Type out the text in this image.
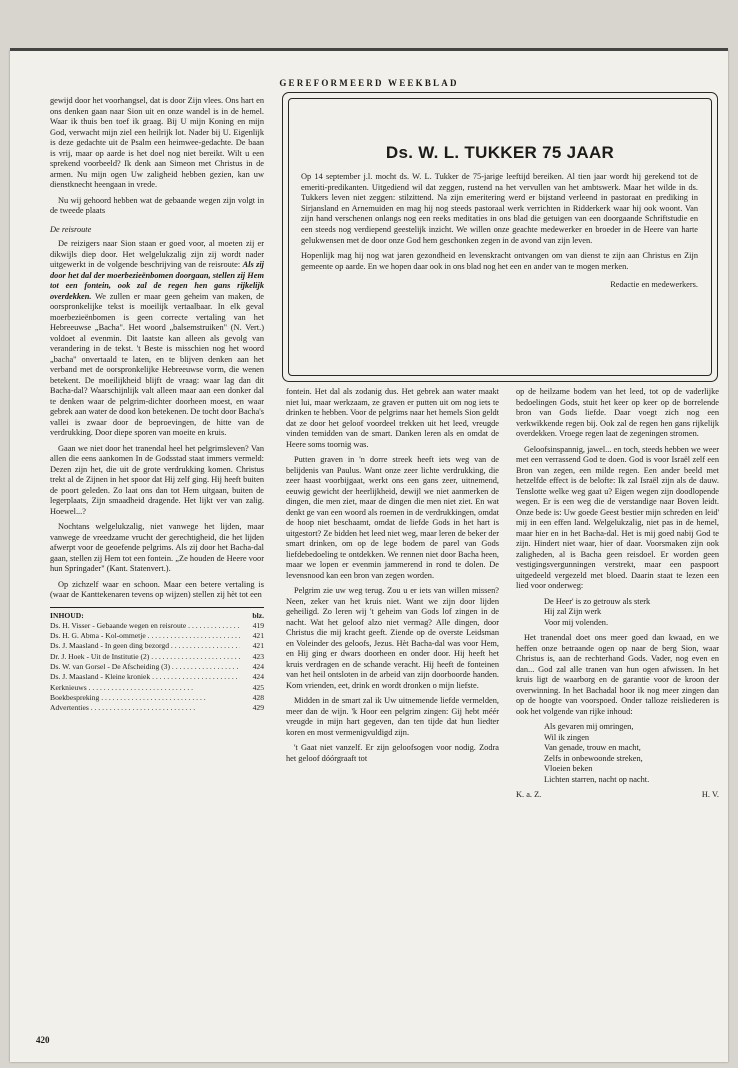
GEREFORMEERD WEEKBLAD

gewijd door het voorhangsel, dat is door Zijn vlees. Ons hart en ons denken gaan naar Sion uit en onze wandel is in de hemel. Waar ik thuis ben toef ik graag. Bij U mijn Koning en mijn God, verwacht mijn ziel een heilrijk lot. Nader bij U. Eigenlijk is deze gedachte uit de Psalm een heimwee-gedachte. De baan is vrij, maar op aarde is het doel nog niet bereikt. Wilt u een sprekend voorbeeld? Ik denk aan Simeon met Christus in de armen. Nu mijn ogen Uw zaligheid hebben gezien, kan uw dienstknecht heengaan in vrede.

Nu wij gehoord hebben wat de gebaande wegen zijn volgt in de tweede plaats

De reisroute

De reizigers naar Sion staan er goed voor, al moeten zij er dikwijls diep door. Het welgelukzalig zijn zij wordt nader uitgewerkt in de volgende beschrijving van de reisroute: Als zij door het dal der moerbezieënbomen doorgaan, stellen zij Hem tot een fontein, ook zal de regen hen gans rijkelijk overdekken. We zullen er maar geen geheim van maken, de oorspronkelijke tekst is moeilijk vertaalbaar. In elk geval moerbezieënbomen is geen correcte vertaling van het Hebreeuwse „Bacha". Het woord „balsemstruiken" (N. Vert.) voldoet al evenmin. Dit laatste kan alleen als gevolg van verandering in de tekst. 't Beste is misschien nog het woord „bacha" onvertaald te laten, en te blijven denken aan het verband met de oorspronkelijke Hebreeuwse vorm, die wenen betekent. De moeilijkheid blijft de vraag: waar lag dan dit Bacha-dal? Waarschijnlijk valt alleen maar aan een donker dal te denken waar de pelgrim-dichter doorheen moest, en waar gebrek aan water de dood kon betekenen. De tocht door Bacha's vallei is zwaar door de beproevingen, de hitte van de verdrukking. Door diepe sporen van moeite en kruis.

Gaan we niet door het tranendal heel het pelgrimsleven? Van allen die eens aankomen In de Godsstad staat immers vermeld: Dezen zijn het, die uit de grote verdrukking komen. Christus trekt al de Zijnen in het spoor dat Hij zelf ging. Hij heeft buiten de poort geleden. Zo laat ons dan tot Hem uitgaan, buiten de legerplaats, Zijn smaadheid dragende. Het lijkt ver van zalig. Hoewel...?

Nochtans welgelukzalig, niet vanwege het lijden, maar vanwege de vreedzame vrucht der gerechtigheid, die het lijden afwerpt voor de geoefende pelgrims. Als zij door het Bacha-dal gaan, stellen zij Hem tot een fontein. „Ze houden de Heere voor hun Springader" (Kant. Statenvert.).

Op zichzelf waar en schoon. Maar een betere vertaling is (waar de Kanttekenaren tevens op wijzen) stellen zij hèt tot een

INHOUD:	blz.
Ds. H. Visser - Gebaande wegen en reisroute . . .	419
Ds. H. G. Abma - Kol-ommetje . . .	421
Ds. J. Maasland - In geen ding bezorgd . . .	421
Dr. J. Hoek - Uit de Institutie (2) . . .	423
Ds. W. van Gorsel - De Afscheiding (3) . . .	424
Ds. J. Maasland - Kleine kroniek . . .	424
Kerknieuws . . .	425
Boekbespreking . . .	428
Advertenties . . .	429
Ds. W. L. TUKKER 75 JAAR

Op 14 september j.l. mocht ds. W. L. Tukker de 75-jarige leeftijd bereiken. Al tien jaar wordt hij gerekend tot de emeriti-predikanten. Uitgediend wil dat zeggen, rustend na het vervullen van het ambtswerk. Maar het wilde in ds. Tukkers leven niet zeggen: stilzittend. Na zijn emeritering werd er bijstand verleend in pastoraat en prediking in Sirjansland en Arnemuiden en mag hij nog steeds pastoraal werk verrichten in Ridderkerk waar hij ook woont. Van zijn hand verschenen onlangs nog een reeks meditaties in ons blad die getuigen van een doorgaande Schriftstudie en een steeds nog verdiepend geestelijk inzicht. We willen onze geachte medewerker en broeder in de Heere van harte gelukwensen met de door onze God hem geschonken zegen in de avond van zijn leven.

Hopenlijk mag hij nog wat jaren gezondheid en levenskracht ontvangen om van dienst te zijn aan Christus en Zijn gemeente op aarde. En we hopen daar ook in ons blad nog het een en ander van te mogen merken.

Redactie en medewerkers.

fontein. Het dal als zodanig dus. Het gebrek aan water maakt niet lui, maar werkzaam, ze graven er putten uit om nog iets te drinken te hebben. Voor de pelgrims naar het hemels Sion geldt dat ze door het geloof voordeel trekken uit het leed, vreugde vinden temidden van de smart. Danken leren als en omdat de Heere soms toornig was.

Putten graven in 'n dorre streek heeft iets weg van de belijdenis van Paulus. Want onze zeer lichte verdrukking, die zeer haast voorbijgaat, werkt ons een gans zeer, uitnemend, eeuwig gewicht der heerlijkheid, dewijl we niet aanmerken de dingen, die men ziet, maar de dingen die men niet ziet. En wat denkt ge van een woord als roemen in de verdrukkingen, omdat de hoop niet beschaamt, omdat de liefde Gods in het hart is uitgestort? Ze bidden het leed niet weg, maar leren de beker der smart drinken, om op de lege bodem de parel van Gods liefdebedoeling te ontdekken. We rennen niet door Bacha heen, maar we lopen er evenmin jammerend in rond te dolen. De levensnood kan een bron van zegen worden.

Pelgrim zie uw weg terug. Zou u er iets van willen missen? Neen, zeker van het kruis niet. Want we zijn door lijden geheiligd. Zo leren wij 't geheim van Gods lof zingen in de nacht. Wat het geloof alzo niet vermag? Alle dingen, door Christus die mij kracht geeft. Ziende op de overste Leidsman en Voleinder des geloofs, Jezus. Hèt Bacha-dal was voor Hem, en Hij ging er dwars doorheen en onder door. Hij heeft het kruis verdragen en de schande veracht. Hij heeft de fonteinen van het heil ontsloten in de arbeid van zijn doorboorde handen. Kom vrienden, eet, drink en wordt dronken o mijn liefste.

Midden in de smart zal ik Uw uitnemende liefde vermelden, meer dan de wijn. 'k Hoor een pelgrim zingen: Gij hebt méér vreugde in mijn hart gegeven, dan ten tijde dat hun liedter koren en most vermenigvuldigd zijn.

't Gaat niet vanzelf. Er zijn geloofsogen voor nodig. Zodra het geloof dóórgraaft tot

op de heilzame bodem van het leed, tot op de vaderlijke bedoelingen Gods, stuit het keer op keer op de borrelende bron van Gods liefde. Daar voegt zich nog een verkwikkende regen bij. Ook zal de regen hen gans rijkelijk overdekken. Vroege regen laat de zegeningen stromen.

Geloofsinspannig, jawel... en toch, steeds hebben we weer met een verrassend God te doen. God is voor Israël zelf een Bron van zegen, een milde regen. Een ander beeld met hetzelfde effect is de belofte: Ik zal Israël zijn als de dauw. Tenslotte welke weg gaat u? Eigen wegen zijn doodlopende wegen. Er is een weg die de verstandige naar Boven leidt. Onze bede is: Uw goede Geest bestier mijn schreden en leid' mij in een effen land. Welgelukzalig, niet pas in de hemel, maar hier en in het Bacha-dal. Het is mij goed nabij God te zijn. Hindert niet waar, hier of daar. Voorsmaken zijn ook zaligheden, al is Bacha geen reisdoel. Er worden geen vestigingsvergunningen verstrekt, maar een paspoort uitgedeeld vergezeld met bloed. Daarin staat te lezen een lied voor onderweg:

De Heer' is zo getrouw als sterk
Hij zal Zijn werk
Voor mij volenden.

Het tranendal doet ons meer goed dan kwaad, en we heffen onze betraande ogen op naar de berg Sion, waar Christus is, aan de rechterhand Gods. Vader, nog even en dan... God zal alle tranen van hun ogen afwissen. In het kruis ligt de waarborg en de garantie voor de kroon der overwinning. In het Bachadal hoor ik nog meer zingen dan op de hoogte van voorspoed. Onder talloze reisliederen is ook het volgende van rijke inhoud:

Als gevaren mij omringen,
Wil ik zingen
Van genade, trouw en macht,
Zelfs in onbewoonde streken,
Vloeien beken
Lichten starren, nacht op nacht.
K. a. Z.	H. V.
420
